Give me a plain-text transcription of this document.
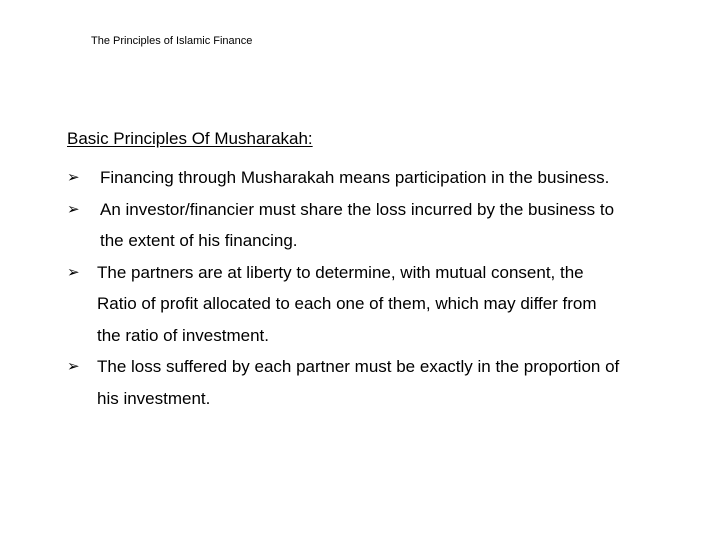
The Principles of Islamic Finance
Basic Principles Of Musharakah:
➢ Financing through Musharakah means participation in the business.
➢ An investor/financier must share the loss incurred by the business to
the extent of his financing.
➢ The partners are at liberty to determine, with mutual consent, the
Ratio of profit allocated to each one of them, which may differ from
the ratio of investment.
➢ The loss suffered by each partner must be exactly in the proportion of
his investment.
